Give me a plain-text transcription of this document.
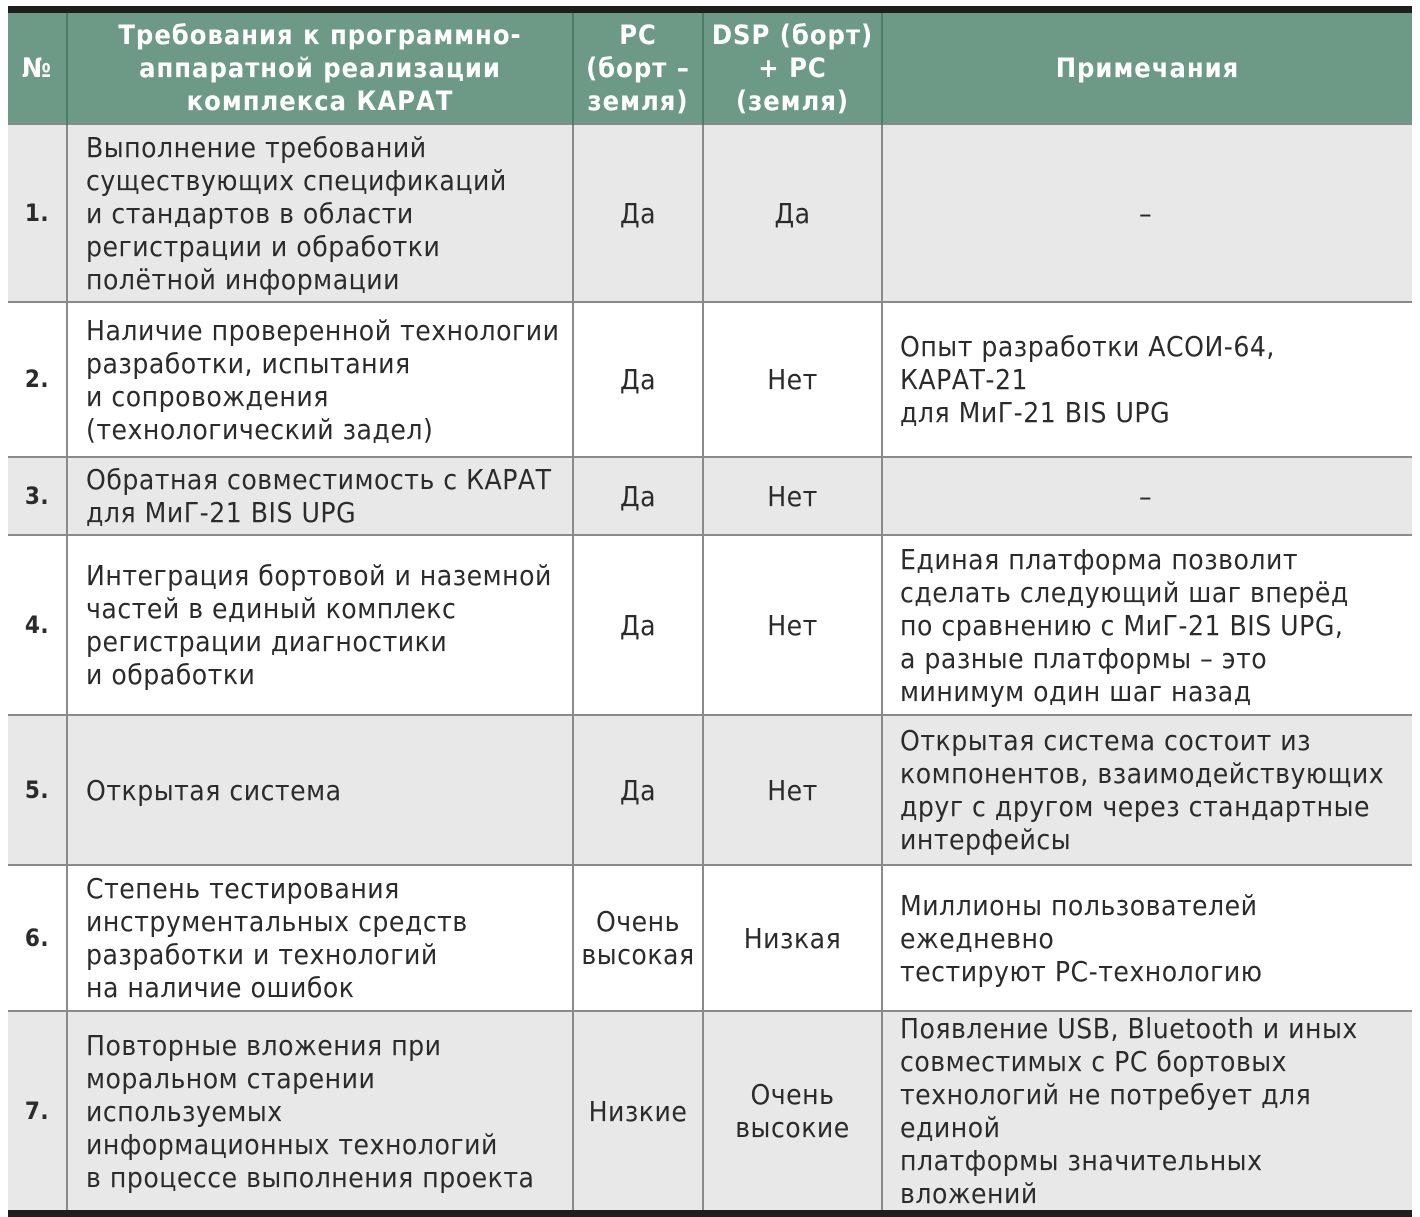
№	Требования к программно-
аппаратной реализации
комплекса КАРАТ	PC
(борт –
земля)	DSP (борт)
+ PC
(земля)	Примечания
1.	Выполнение требований
существующих спецификаций
и стандартов в области
регистрации и обработки
полётной информации	Да	Да	–
2.	Наличие проверенной технологии
разработки, испытания
и сопровождения
(технологический задел)	Да	Нет	Опыт разработки АСОИ-64, КАРАТ-21
для МиГ-21 BIS UPG
3.	Обратная совместимость с КАРАТ
для МиГ-21 BIS UPG	Да	Нет	–
4.	Интеграция бортовой и наземной
частей в единый комплекс
регистрации диагностики
и обработки	Да	Нет	Единая платформа позволит
сделать следующий шаг вперёд
по сравнению с МиГ-21 BIS UPG,
а разные платформы – это
минимум один шаг назад
5.	Открытая система	Да	Нет	Открытая система состоит из
компонентов, взаимодействующих
друг с другом через стандартные
интерфейсы
6.	Степень тестирования
инструментальных средств
разработки и технологий
на наличие ошибок	Очень
высокая	Низкая	Миллионы пользователей ежедневно
тестируют PC-технологию
7.	Повторные вложения при
моральном старении используемых
информационных технологий
в процессе выполнения проекта	Низкие	Очень
высокие	Появление USB, Bluetooth и иных
совместимых с PC бортовых
технологий не потребует для единой
платформы значительных вложений
